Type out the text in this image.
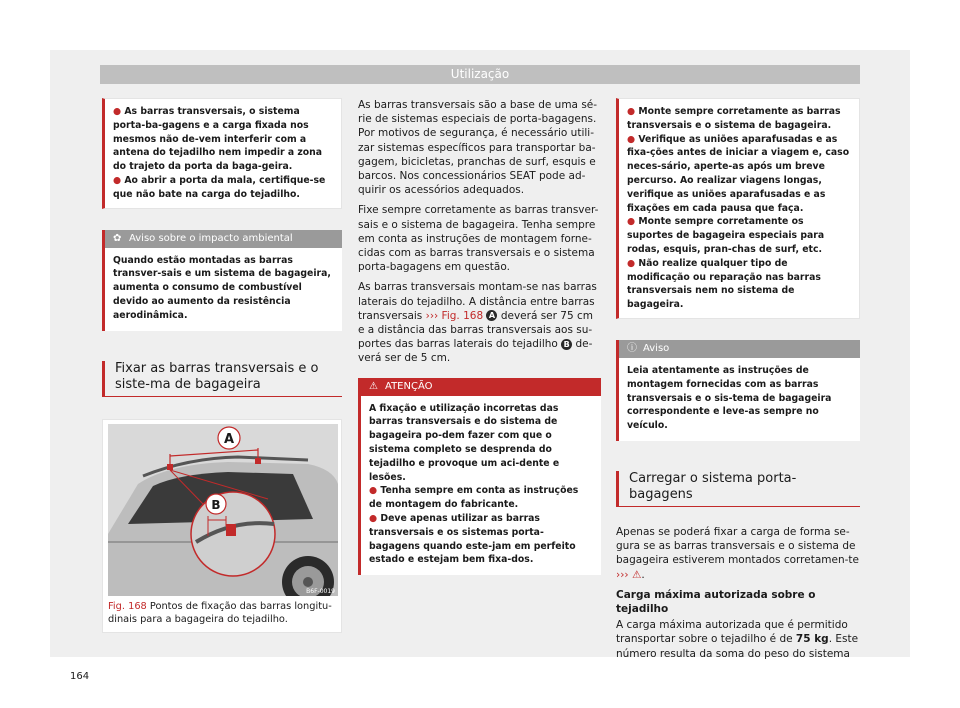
Utilização
● As barras transversais, o sistema porta-ba-gagens e a carga fixada nos mesmos não de-vem interferir com a antena do tejadilho nem impedir a zona do trajeto da porta da baga-geira.
● Ao abrir a porta da mala, certifique-se que não bate na carga do tejadilho.
✿ Aviso sobre o impacto ambiental
Quando estão montadas as barras transver-sais e um sistema de bagageira, aumenta o consumo de combustível devido ao aumento da resistência aerodinâmica.
Fixar as barras transversais e o siste-ma de bagageira
A
B
B6F-0019
Fig. 168 Pontos de fixação das barras longitu-dinais para a bagageira do tejadilho.

As barras transversais são a base de uma sé-rie de sistemas especiais de porta-bagagens. Por motivos de segurança, é necessário utili-zar sistemas específicos para transportar ba-gagem, bicicletas, pranchas de surf, esquis e barcos. Nos concessionários SEAT pode ad-quirir os acessórios adequados.

Fixe sempre corretamente as barras transver-sais e o sistema de bagageira. Tenha sempre em conta as instruções de montagem forne-cidas com as barras transversais e o sistema porta-bagagens em questão.

As barras transversais montam-se nas barras laterais do tejadilho. A distância entre barras transversais ››› Fig. 168 A deverá ser 75 cm e a distância das barras transversais aos su-portes das barras laterais do tejadilho B de-verá ser de 5 cm.

⚠ ATENÇÃO
A fixação e utilização incorretas das barras transversais e do sistema de bagageira po-dem fazer com que o sistema completo se desprenda do tejadilho e provoque um aci-dente e lesões.
● Tenha sempre em conta as instruções de montagem do fabricante.
● Deve apenas utilizar as barras transversais e os sistemas porta-bagagens quando este-jam em perfeito estado e estejam bem fixa-dos.
● Monte sempre corretamente as barras transversais e o sistema de bagageira.
● Verifique as uniões aparafusadas e as fixa-ções antes de iniciar a viagem e, caso neces-sário, aperte-as após um breve percurso. Ao realizar viagens longas, verifique as uniões aparafusadas e as fixações em cada pausa que faça.
● Monte sempre corretamente os suportes de bagageira especiais para rodas, esquis, pran-chas de surf, etc.
● Não realize qualquer tipo de modificação ou reparação nas barras transversais nem no sistema de bagageira.
ⓘ Aviso
Leia atentamente as instruções de montagem fornecidas com as barras transversais e o sis-tema de bagageira correspondente e leve-as sempre no veículo.
Carregar o sistema porta-bagagens

Apenas se poderá fixar a carga de forma se-gura se as barras transversais e o sistema de bagageira estiverem montados corretamen-te ››› ⚠.

Carga máxima autorizada sobre o tejadilho

A carga máxima autorizada que é permitido transportar sobre o tejadilho é de 75 kg. Este número resulta da soma do peso do sistema

164
